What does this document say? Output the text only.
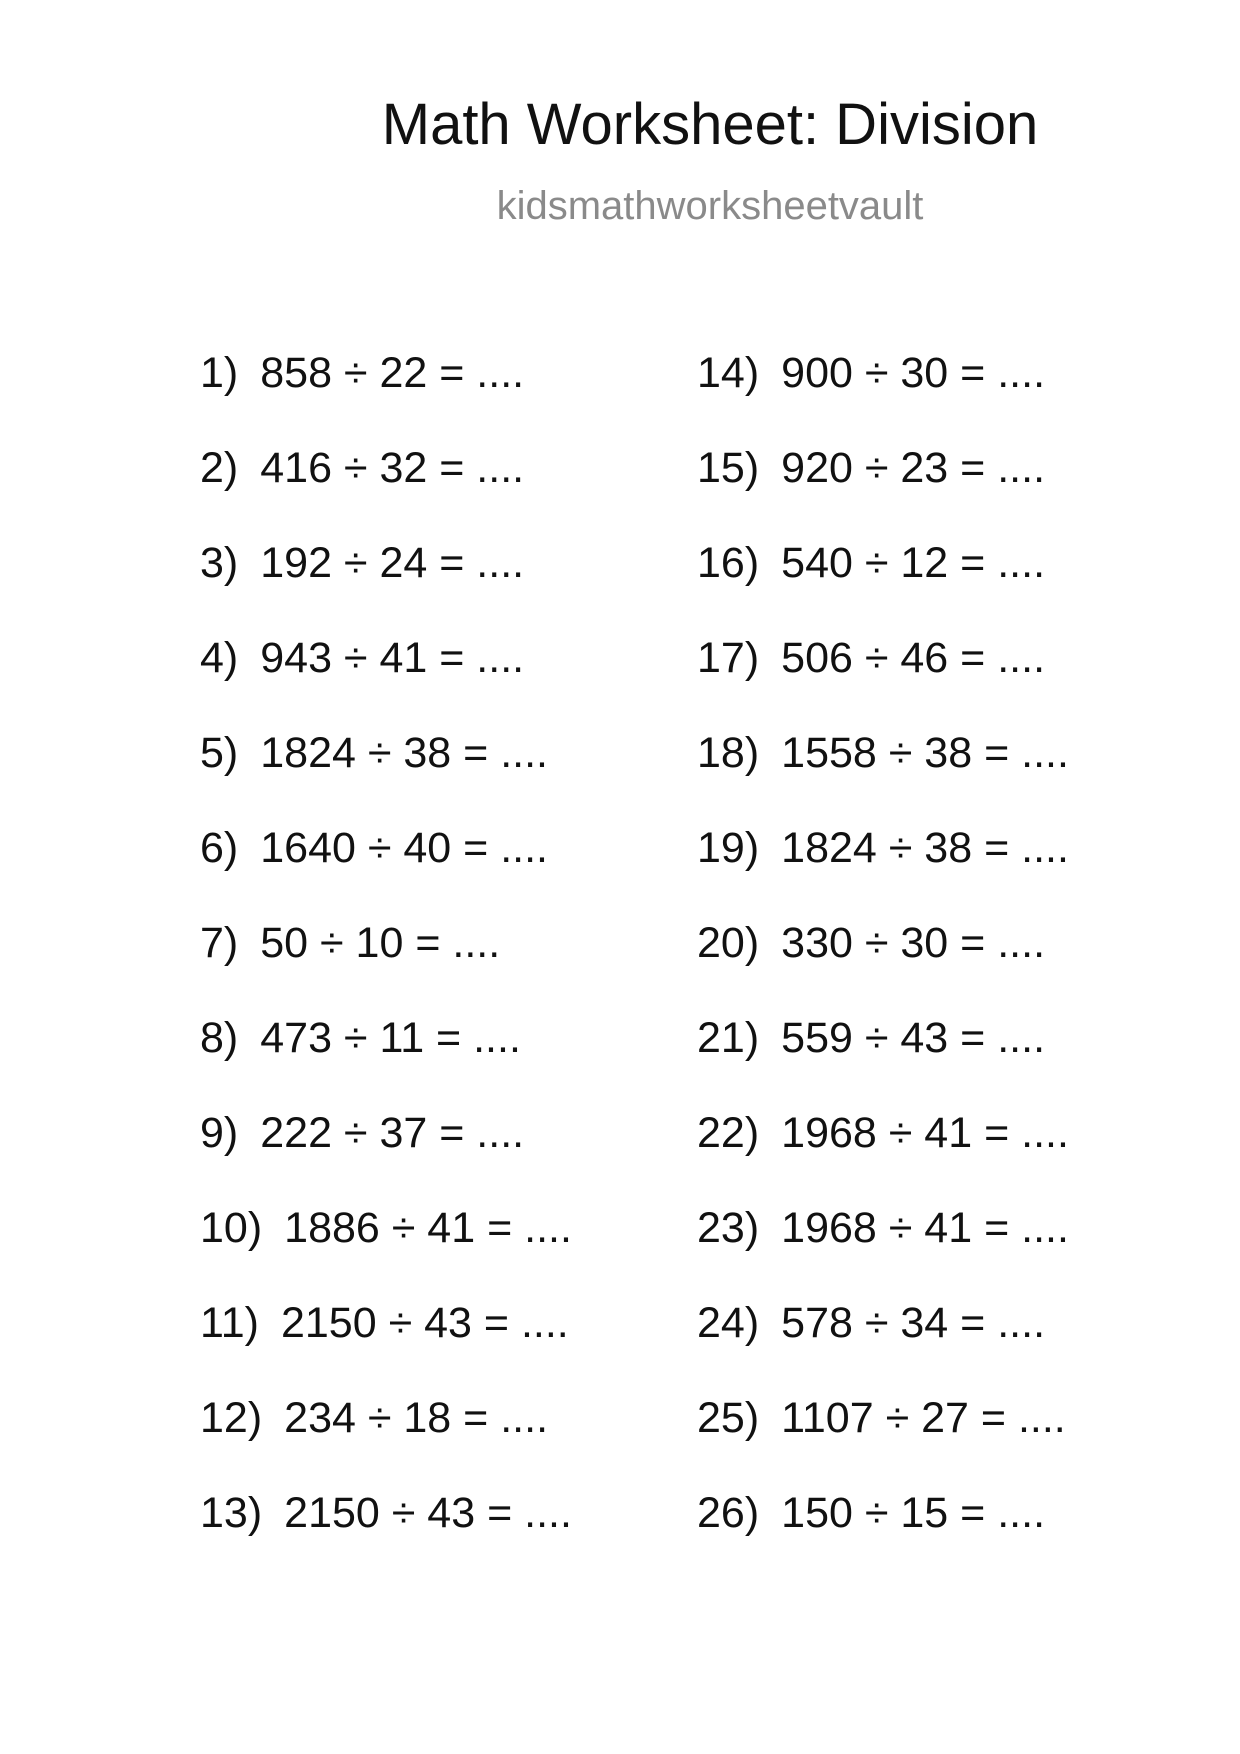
Math Worksheet: Division
kidsmathworksheetvault
1) 858 ÷ 22 = ....
2) 416 ÷ 32 = ....
3) 192 ÷ 24 = ....
4) 943 ÷ 41 = ....
5) 1824 ÷ 38 = ....
6) 1640 ÷ 40 = ....
7) 50 ÷ 10 = ....
8) 473 ÷ 11 = ....
9) 222 ÷ 37 = ....
10) 1886 ÷ 41 = ....
11) 2150 ÷ 43 = ....
12) 234 ÷ 18 = ....
13) 2150 ÷ 43 = ....
14) 900 ÷ 30 = ....
15) 920 ÷ 23 = ....
16) 540 ÷ 12 = ....
17) 506 ÷ 46 = ....
18) 1558 ÷ 38 = ....
19) 1824 ÷ 38 = ....
20) 330 ÷ 30 = ....
21) 559 ÷ 43 = ....
22) 1968 ÷ 41 = ....
23) 1968 ÷ 41 = ....
24) 578 ÷ 34 = ....
25) 1107 ÷ 27 = ....
26) 150 ÷ 15 = ....
